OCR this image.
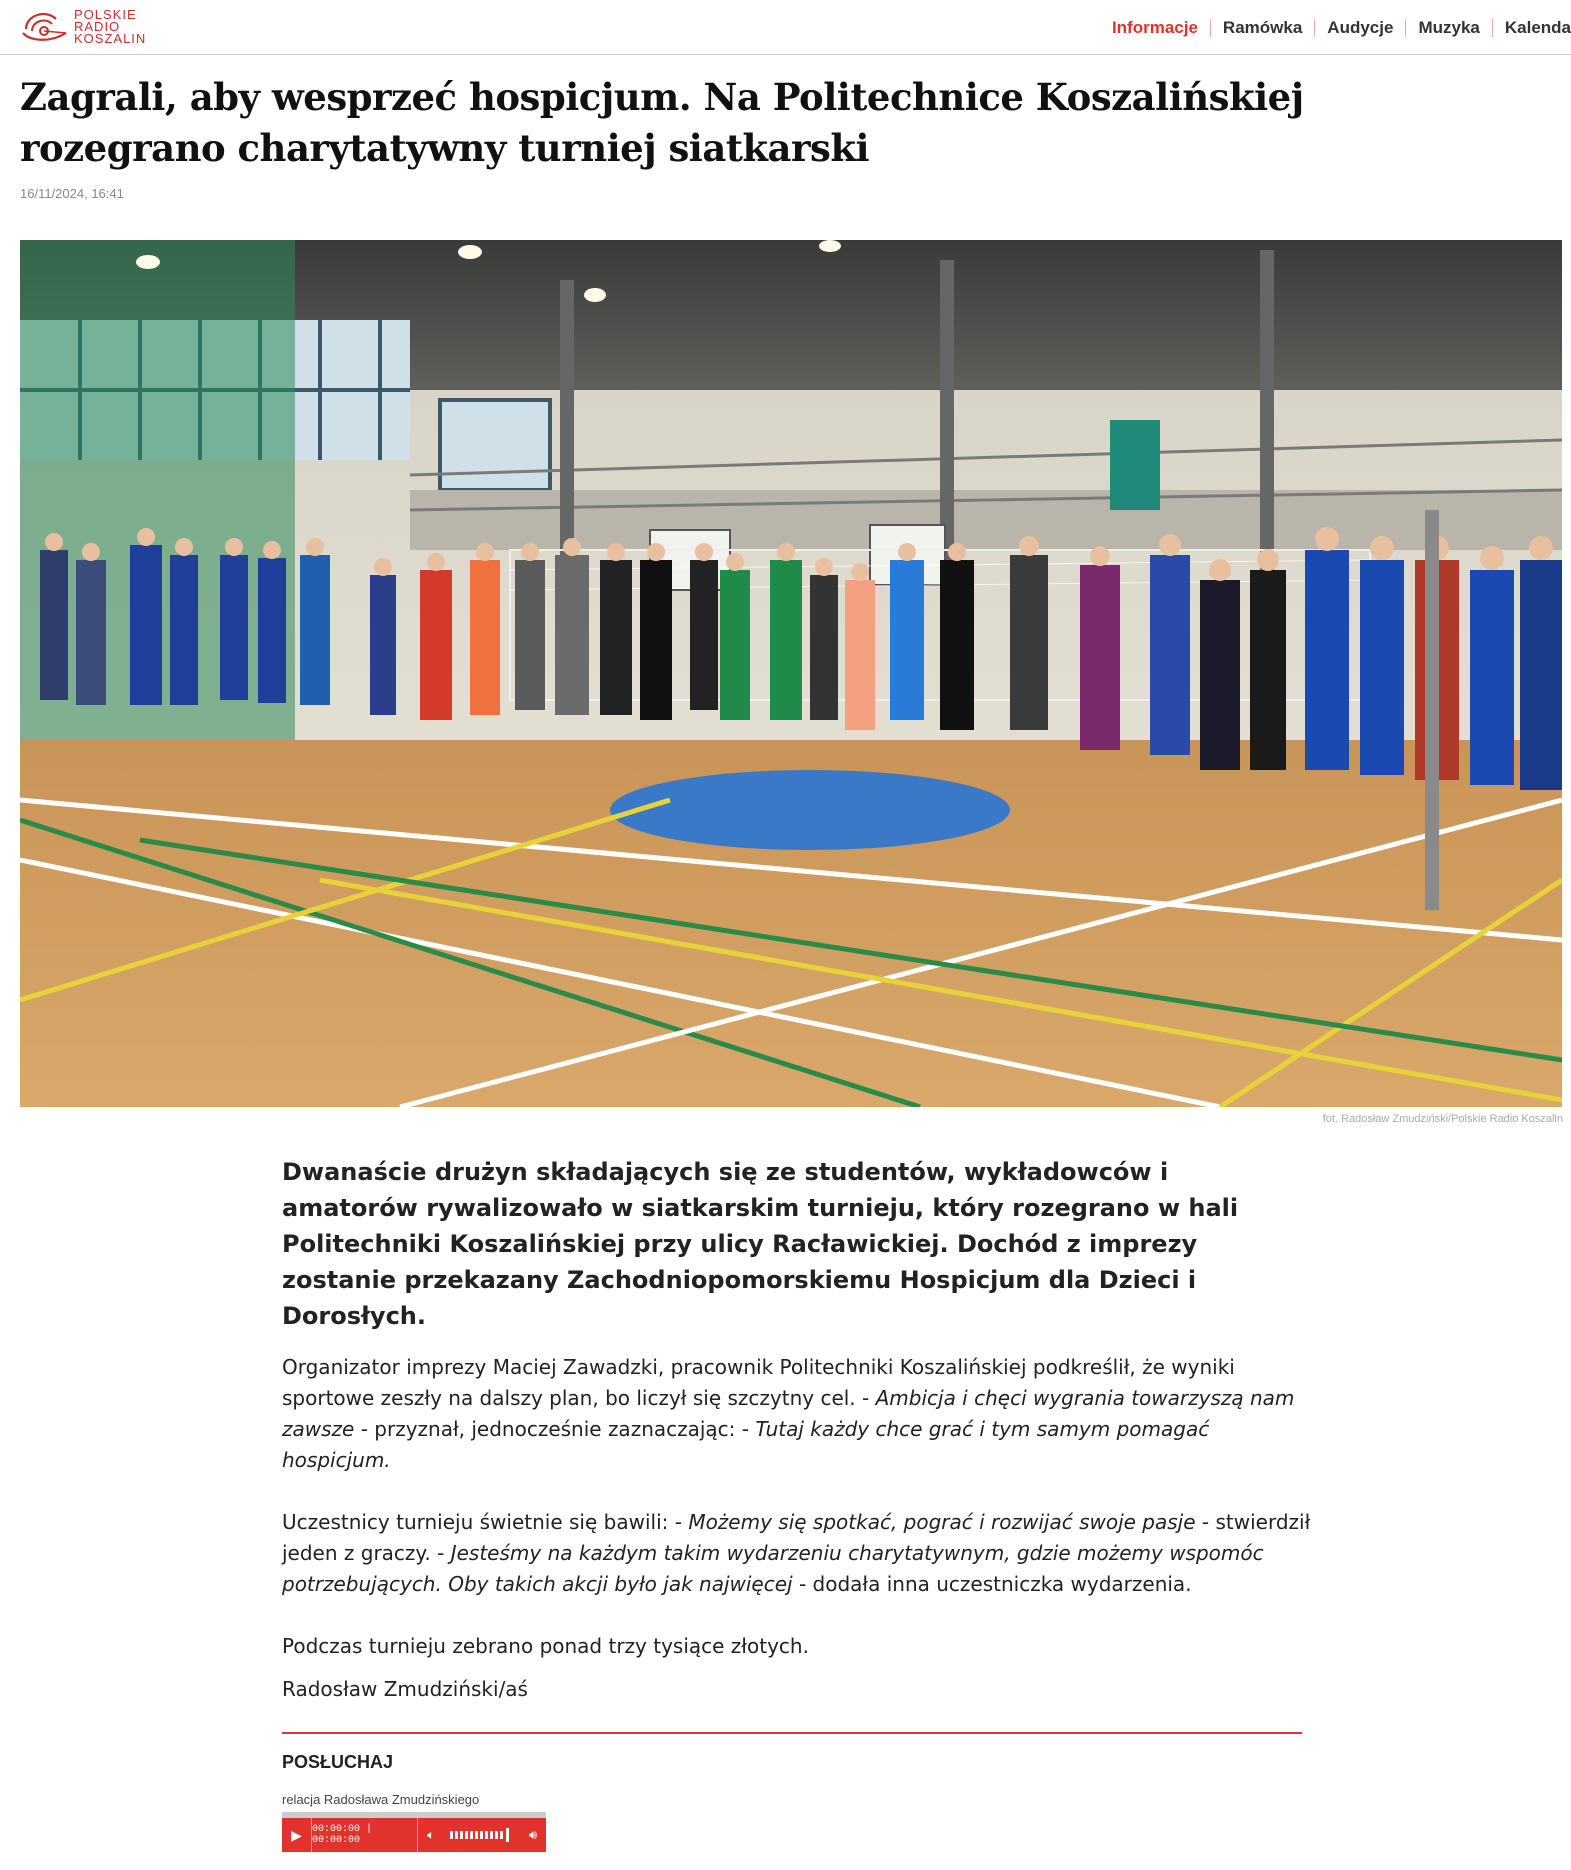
POLSKIE
RADIO
KOSZALIN
Informacje	Ramówka	Audycje	Muzyka	Kalenda
Zagrali, aby wesprzeć hospicjum. Na Politechnice Koszalińskiej rozegrano charytatywny turniej siatkarski
16/11/2024, 16:41
fot. Radosław Zmudziński/Polskie Radio Koszalin

Dwanaście drużyn składających się ze studentów, wykładowców i amatorów rywalizowało w siatkarskim turnieju, który rozegrano w hali Politechniki Koszalińskiej przy ulicy Racławickiej. Dochód z imprezy zostanie przekazany Zachodniopomorskiemu Hospicjum dla Dzieci i Dorosłych.

Organizator imprezy Maciej Zawadzki, pracownik Politechniki Koszalińskiej podkreślił, że wyniki sportowe zeszły na dalszy plan, bo liczył się szczytny cel. - Ambicja i chęci wygrania towarzyszą nam zawsze - przyznał, jednocześnie zaznaczając: - Tutaj każdy chce grać i tym samym pomagać hospicjum.

Uczestnicy turnieju świetnie się bawili: - Możemy się spotkać, pograć i rozwijać swoje pasje - stwierdził jeden z graczy. - Jesteśmy na każdym takim wydarzeniu charytatywnym, gdzie możemy wspomóc potrzebujących. Oby takich akcji było jak najwięcej - dodała inna uczestniczka wydarzenia.

Podczas turnieju zebrano ponad trzy tysiące złotych.

Radosław Zmudziński/aś

POSŁUCHAJ
relacja Radosława Zmudzińskiego
▶	00:00:00 | 00:00:00	🔈︎	🔊︎
